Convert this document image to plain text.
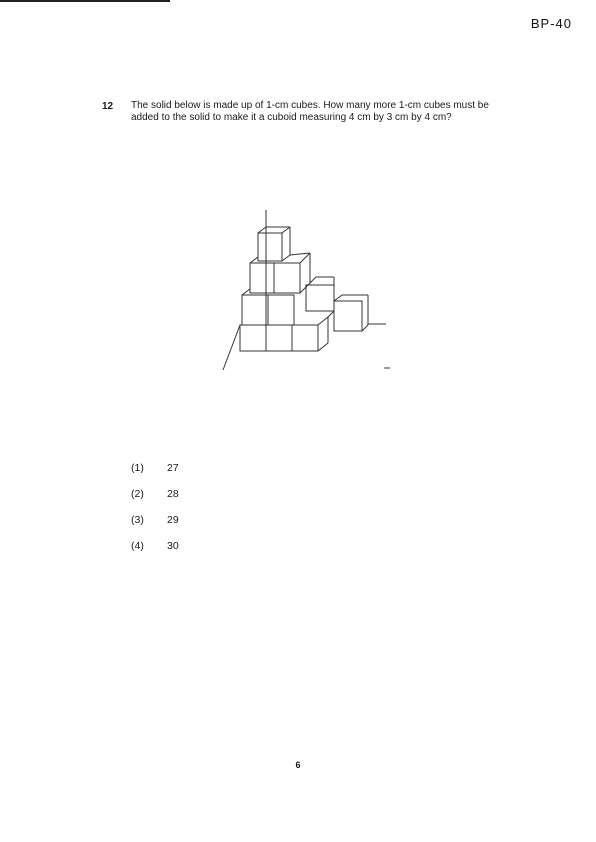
BP-40
12 The solid below is made up of 1-cm cubes. How many more 1-cm cubes must be added to the solid to make it a cuboid measuring 4 cm by 3 cm by 4 cm?
(1)	27
(2)	28
(3)	29
(4)	30
6
